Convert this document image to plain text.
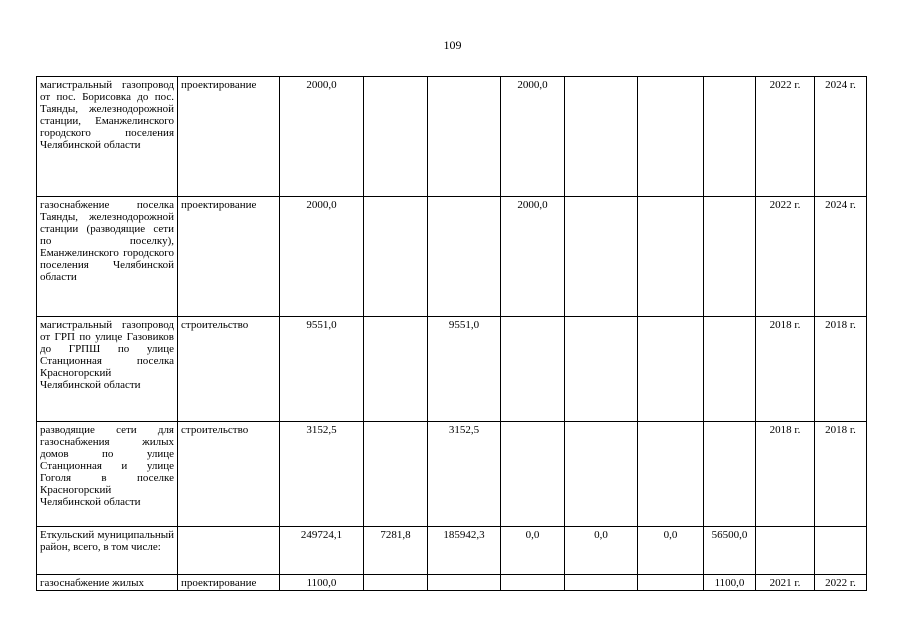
109
магистральный газопровод от пос. Борисовка до пос. Таянды, железнодорожной станции, Еманжелинского городского поселения Челябинской области	проектирование	2000,0			2000,0				2022 г.	2024 г.
газоснабжение поселка Таянды, железнодорожной станции (разводящие сети по поселку), Еманжелинского городского поселения Челябинской области	проектирование	2000,0			2000,0				2022 г.	2024 г.
магистральный газопровод от ГРП по улице Газовиков до ГРПШ по улице Станционная поселка Красногорский Челябинской области	строительство	9551,0		9551,0					2018 г.	2018 г.
разводящие сети для газоснабжения жилых домов по улице Станционная и улице Гоголя в поселке Красногорский Челябинской области	строительство	3152,5		3152,5					2018 г.	2018 г.
Еткульский муниципальный район, всего, в том числе:		249724,1	7281,8	185942,3	0,0	0,0	0,0	56500,0		
газоснабжение жилых	проектирование	1100,0						1100,0	2021 г.	2022 г.
